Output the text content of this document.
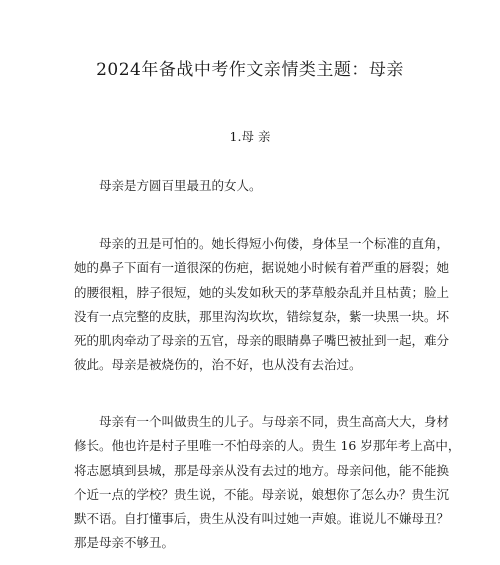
2024年备战中考作文亲情类主题：母亲
1.母 亲

　　母亲是方圆百里最丑的女人。

　　母亲的丑是可怕的。她长得短小佝偻，身体呈一个标准的直角，
她的鼻子下面有一道很深的伤疤，据说她小时候有着严重的唇裂；她
的腰很粗，脖子很短，她的头发如秋天的茅草般杂乱并且枯黄；脸上
没有一点完整的皮肤，那里沟沟坎坎，错综复杂，紫一块黑一块。坏
死的肌肉牵动了母亲的五官，母亲的眼睛鼻子嘴巴被扯到一起，难分
彼此。母亲是被烧伤的，治不好，也从没有去治过。

　　母亲有一个叫做贵生的儿子。与母亲不同，贵生高高大大，身材
修长。他也许是村子里唯一不怕母亲的人。贵生 16 岁那年考上高中，
将志愿填到县城，那是母亲从没有去过的地方。母亲问他，能不能换
个近一点的学校？贵生说，不能。母亲说，娘想你了怎么办？贵生沉
默不语。自打懂事后，贵生从没有叫过她一声娘。谁说儿不嫌母丑？
那是母亲不够丑。
